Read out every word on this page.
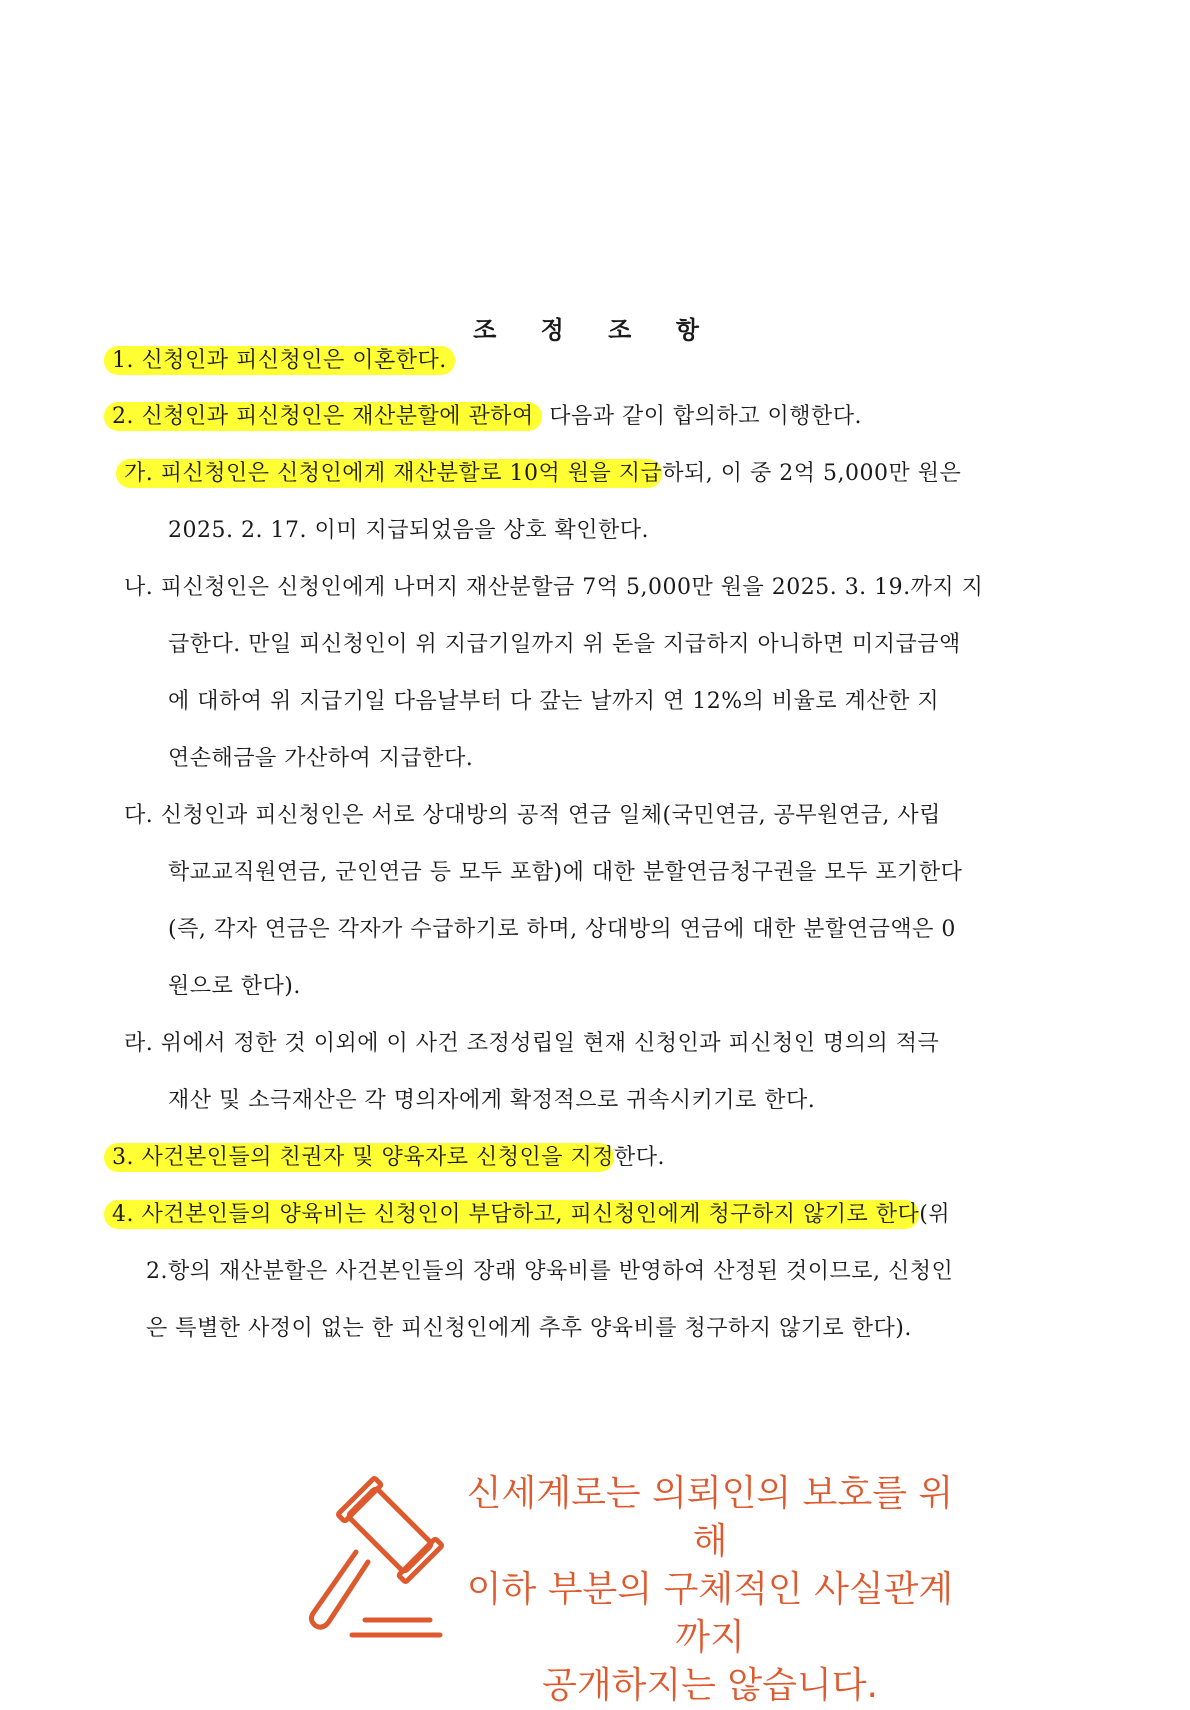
조 정 조 항
1. 신청인과 피신청인은 이혼한다.
2. 신청인과 피신청인은 재산분할에 관하여 다음과 같이 합의하고 이행한다.
가. 피신청인은 신청인에게 재산분할로 10억 원을 지급하되, 이 중 2억 5,000만 원은
2025. 2. 17. 이미 지급되었음을 상호 확인한다.
나. 피신청인은 신청인에게 나머지 재산분할금 7억 5,000만 원을 2025. 3. 19.까지 지
급한다. 만일 피신청인이 위 지급기일까지 위 돈을 지급하지 아니하면 미지급금액
에 대하여 위 지급기일 다음날부터 다 갚는 날까지 연 12%의 비율로 계산한 지
연손해금을 가산하여 지급한다.
다. 신청인과 피신청인은 서로 상대방의 공적 연금 일체(국민연금, 공무원연금, 사립
학교교직원연금, 군인연금 등 모두 포함)에 대한 분할연금청구권을 모두 포기한다
(즉, 각자 연금은 각자가 수급하기로 하며, 상대방의 연금에 대한 분할연금액은 0
원으로 한다).
라. 위에서 정한 것 이외에 이 사건 조정성립일 현재 신청인과 피신청인 명의의 적극
재산 및 소극재산은 각 명의자에게 확정적으로 귀속시키기로 한다.
3. 사건본인들의 친권자 및 양육자로 신청인을 지정한다.
4. 사건본인들의 양육비는 신청인이 부담하고, 피신청인에게 청구하지 않기로 한다(위
2.항의 재산분할은 사건본인들의 장래 양육비를 반영하여 산정된 것이므로, 신청인
은 특별한 사정이 없는 한 피신청인에게 추후 양육비를 청구하지 않기로 한다).
신세계로는 의뢰인의 보호를 위해
이하 부분의 구체적인 사실관계까지
공개하지는 않습니다.
